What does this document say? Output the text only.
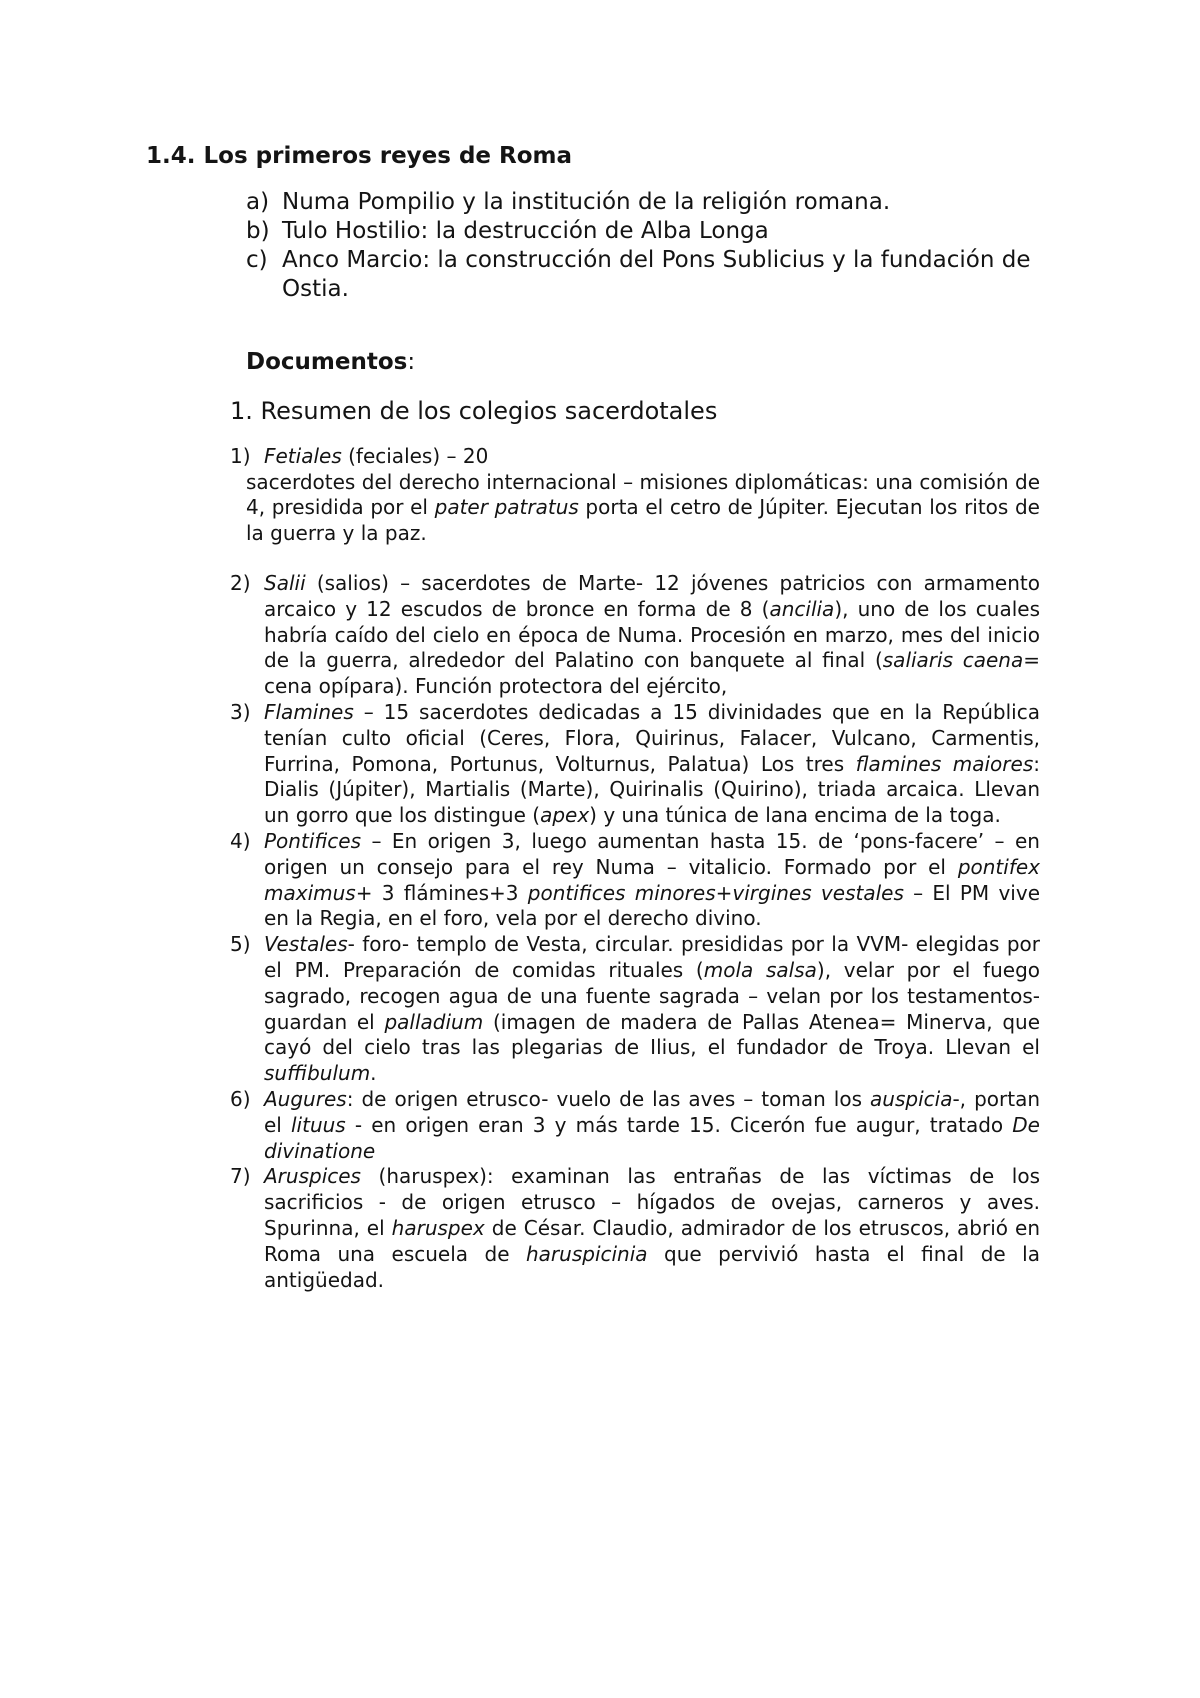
1.4. Los primeros reyes de Roma
a) Numa Pompilio y la institución de la religión romana.
b) Tulo Hostilio: la destrucción de Alba Longa
c) Anco Marcio: la construcción del Pons Sublicius y la fundación de Ostia.
Documentos:
1. Resumen de los colegios sacerdotales
1) Fetiales (feciales) – 20
sacerdotes del derecho internacional – misiones diplomáticas: una comisión de 4, presidida por el pater patratus porta el cetro de Júpiter. Ejecutan los ritos de la guerra y la paz.
2) Salii (salios) – sacerdotes de Marte- 12 jóvenes patricios con armamento arcaico y 12 escudos de bronce en forma de 8 (ancilia), uno de los cuales habría caído del cielo en época de Numa. Procesión en marzo, mes del inicio de la guerra, alrededor del Palatino con banquete al final (saliaris caena= cena opípara). Función protectora del ejército,
3) Flamines – 15 sacerdotes dedicadas a 15 divinidades que en la República tenían culto oficial (Ceres, Flora, Quirinus, Falacer, Vulcano, Carmentis, Furrina, Pomona, Portunus, Volturnus, Palatua) Los tres flamines maiores: Dialis (Júpiter), Martialis (Marte), Quirinalis (Quirino), triada arcaica. Llevan un gorro que los distingue (apex) y una túnica de lana encima de la toga.
4) Pontifices – En origen 3, luego aumentan hasta 15. de ‘pons-facere’ – en origen un consejo para el rey Numa – vitalicio. Formado por el pontifex maximus+ 3 flámines+3 pontifices minores+virgines vestales – El PM vive en la Regia, en el foro, vela por el derecho divino.
5) Vestales- foro- templo de Vesta, circular. presididas por la VVM- elegidas por el PM. Preparación de comidas rituales (mola salsa), velar por el fuego sagrado, recogen agua de una fuente sagrada – velan por los testamentos- guardan el palladium (imagen de madera de Pallas Atenea= Minerva, que cayó del cielo tras las plegarias de Ilius, el fundador de Troya. Llevan el suffibulum.
6) Augures: de origen etrusco- vuelo de las aves – toman los auspicia-, portan el lituus - en origen eran 3 y más tarde 15. Cicerón fue augur, tratado De divinatione
7) Aruspices (haruspex): examinan las entrañas de las víctimas de los sacrificios - de origen etrusco – hígados de ovejas, carneros y aves. Spurinna, el haruspex de César. Claudio, admirador de los etruscos, abrió en Roma una escuela de haruspicinia que pervivió hasta el final de la antigüedad.
